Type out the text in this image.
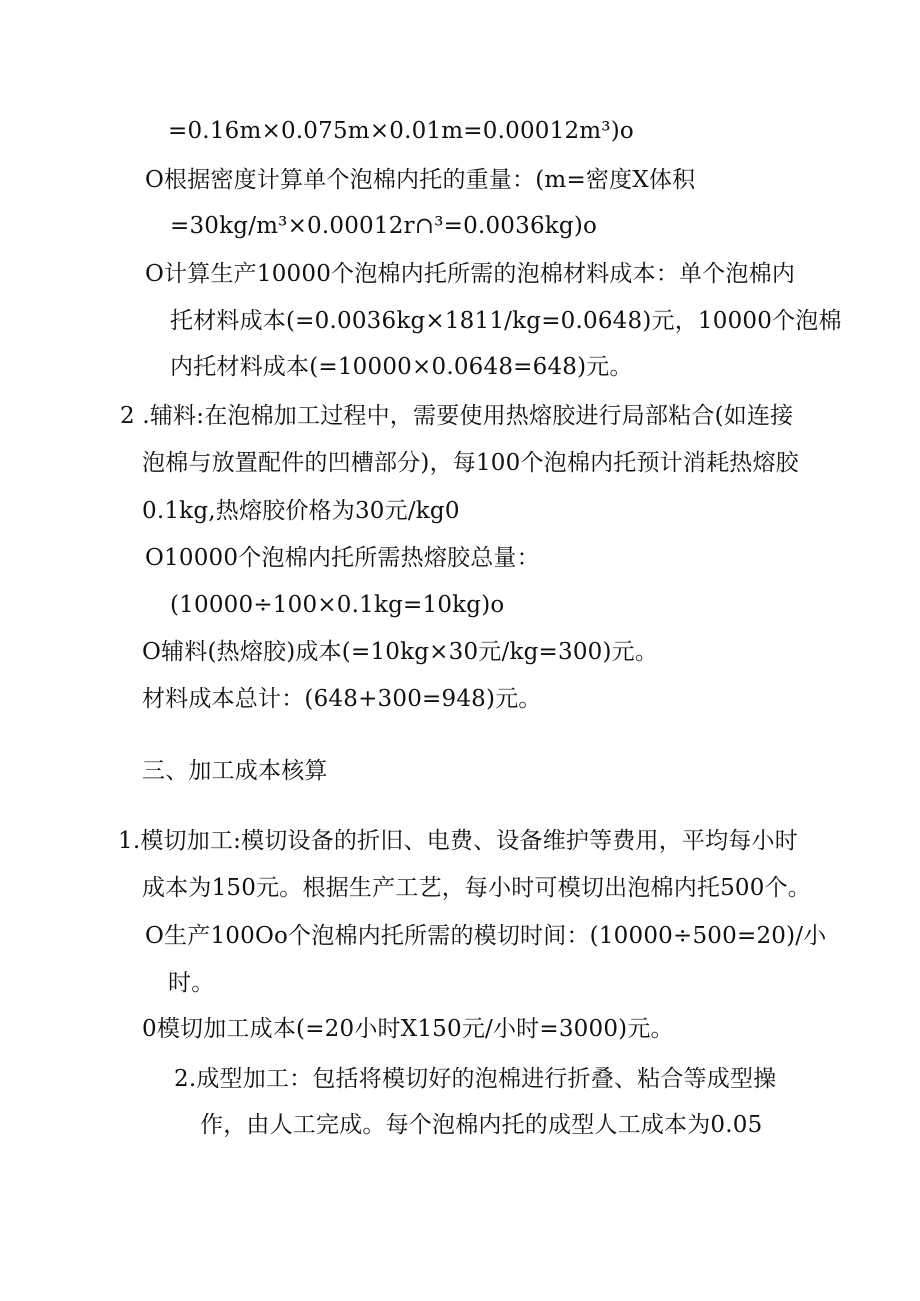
=0.16m×0.075m×0.01m=0.00012m³)o
O根据密度计算单个泡棉内托的重量：(m=密度X体积
=30kg/m³×0.00012r∩³=0.0036kg)o
O计算生产10000个泡棉内托所需的泡棉材料成本：单个泡棉内
托材料成本(=0.0036kg×1811/kg=0.0648)元，10000个泡棉
内托材料成本(=10000×0.0648=648)元。
2 .辅料:在泡棉加工过程中，需要使用热熔胶进行局部粘合(如连接
泡棉与放置配件的凹槽部分)，每100个泡棉内托预计消耗热熔胶
0.1kg,热熔胶价格为30元/kg0
O10000个泡棉内托所需热熔胶总量：
(10000÷100×0.1kg=10kg)o
O辅料(热熔胶)成本(=10kg×30元/kg=300)元。
材料成本总计：(648+300=948)元。
三、加工成本核算
1.模切加工:模切设备的折旧、电费、设备维护等费用，平均每小时
成本为150元。根据生产工艺，每小时可模切出泡棉内托500个。
O生产100Oo个泡棉内托所需的模切时间：(10000÷500=20)/小
时。
0模切加工成本(=20小时X150元/小时=3000)元。
2.成型加工：包括将模切好的泡棉进行折叠、粘合等成型操
作，由人工完成。每个泡棉内托的成型人工成本为0.05
